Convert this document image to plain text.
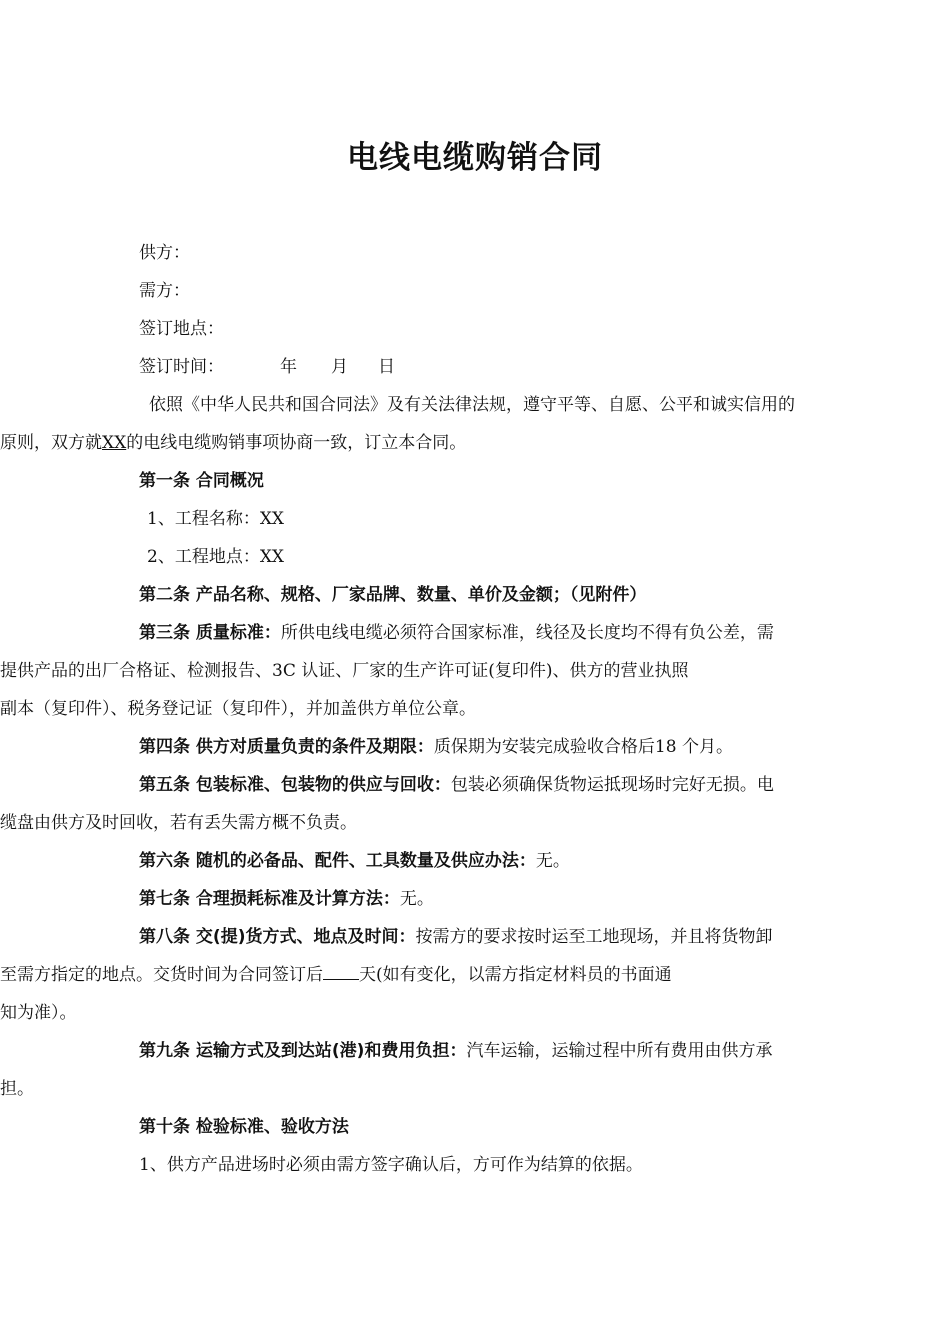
电线电缆购销合同
供方：
需方：
签订地点：
签订时间：	年 月 日
依照《中华人民共和国合同法》及有关法律法规，遵守平等、自愿、公平和诚实信用的
原则，双方就XX的电线电缆购销事项协商一致，订立本合同。
第一条 合同概况
1、工程名称：XX
2、工程地点：XX
第二条 产品名称、规格、厂家品牌、数量、单价及金额；（见附件）
第三条 质量标准：所供电线电缆必须符合国家标准，线径及长度均不得有负公差，需
提供产品的出厂合格证、检测报告、3C 认证、厂家的生产许可证(复印件)、供方的营业执照
副本（复印件）、税务登记证（复印件），并加盖供方单位公章。
第四条 供方对质量负责的条件及期限：质保期为安装完成验收合格后18 个月。
第五条 包装标准、包装物的供应与回收：包装必须确保货物运抵现场时完好无损。电
缆盘由供方及时回收，若有丢失需方概不负责。
第六条 随机的必备品、配件、工具数量及供应办法：无。
第七条 合理损耗标准及计算方法：无。
第八条 交(提)货方式、地点及时间：按需方的要求按时运至工地现场，并且将货物卸
至需方指定的地点。交货时间为合同签订后 天(如有变化，以需方指定材料员的书面通
知为准）。
第九条 运输方式及到达站(港)和费用负担：汽车运输，运输过程中所有费用由供方承
担。
第十条 检验标准、验收方法
1、供方产品进场时必须由需方签字确认后，方可作为结算的依据。
